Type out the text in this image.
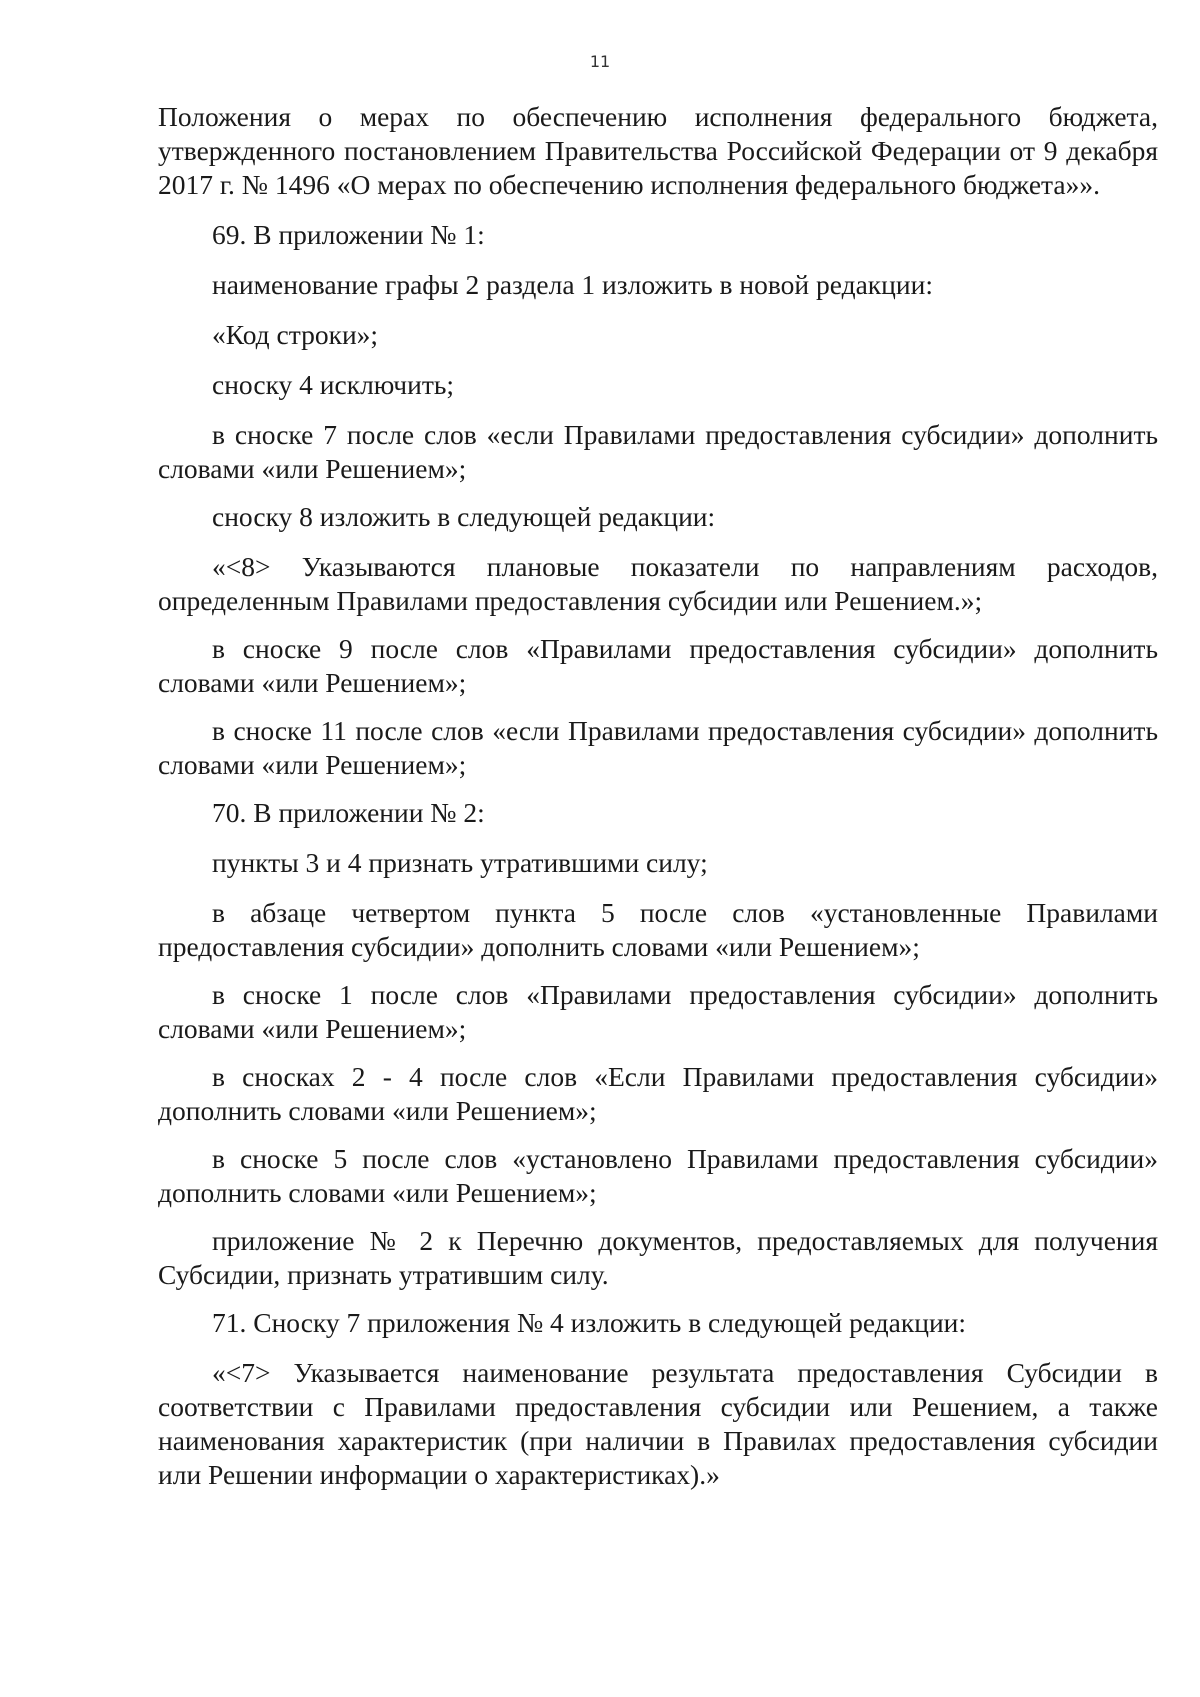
11

Положения о мерах по обеспечению исполнения федерального бюджета, утвержденного постановлением Правительства Российской Федерации от 9 декабря 2017 г. № 1496 «О мерах по обеспечению исполнения федерального бюджета»».

69. В приложении № 1:

наименование графы 2 раздела 1 изложить в новой редакции:

«Код строки»;

сноску 4 исключить;

в сноске 7 после слов «если Правилами предоставления субсидии» дополнить словами «или Решением»;

сноску 8 изложить в следующей редакции:

«<8> Указываются плановые показатели по направлениям расходов, определенным Правилами предоставления субсидии или Решением.»;

в сноске 9 после слов «Правилами предоставления субсидии» дополнить словами «или Решением»;

в сноске 11 после слов «если Правилами предоставления субсидии» дополнить словами «или Решением»;

70. В приложении № 2:

пункты 3 и 4 признать утратившими силу;

в абзаце четвертом пункта 5 после слов «установленные Правилами предоставления субсидии» дополнить словами «или Решением»;

в сноске 1 после слов «Правилами предоставления субсидии» дополнить словами «или Решением»;

в сносках 2 - 4 после слов «Если Правилами предоставления субсидии» дополнить словами «или Решением»;

в сноске 5 после слов «установлено Правилами предоставления субсидии» дополнить словами «или Решением»;

приложение № 2 к Перечню документов, предоставляемых для получения Субсидии, признать утратившим силу.

71. Сноску 7 приложения № 4 изложить в следующей редакции:

«<7> Указывается наименование результата предоставления Субсидии в соответствии с Правилами предоставления субсидии или Решением, а также наименования характеристик (при наличии в Правилах предоставления субсидии или Решении информации о характеристиках).»
